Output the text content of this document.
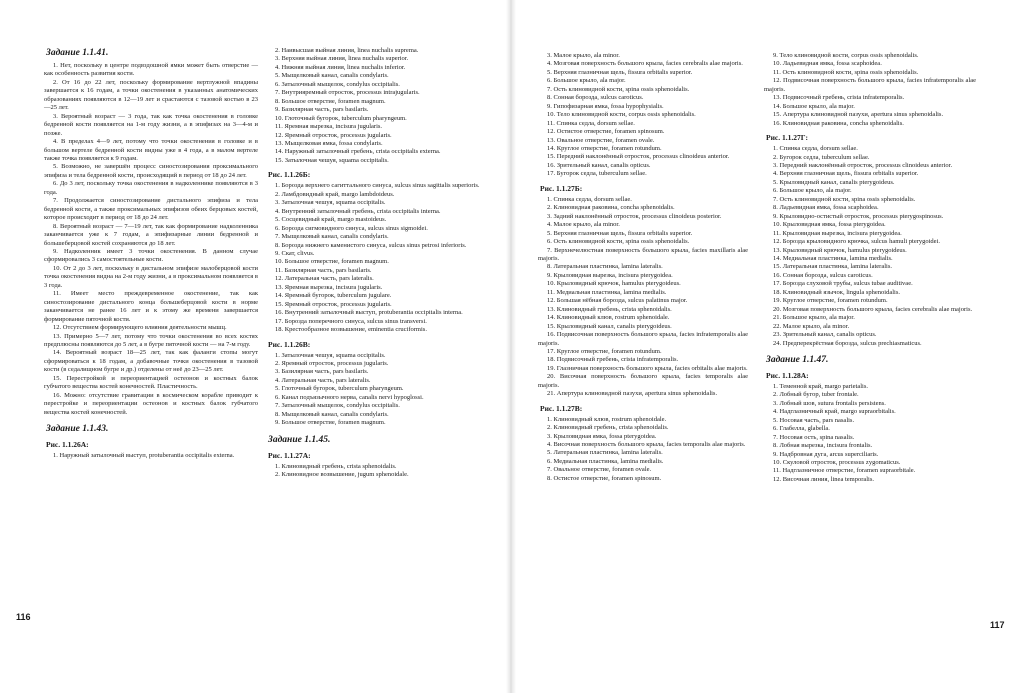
Задание 1.1.41.

1. Нет, поскольку в центре подвздошной ямки может быть отверстие — как особенность развития кости.

2. От 16 до 22 лет, поскольку формирование вертлужной впадины завершается к 16 годам, а точки окостенения в указанных анатомических образованиях появляются в 12—19 лет и срастаются с тазовой костью в 23—25 лет.

3. Вероятный возраст — 3 года, так как точка окостенения в головке бедренной кости появляется на 1-м году жизни, а в эпифизах на 3—4-м и позже.

4. В пределах 4—9 лет, потому что точки окостенения в головке и в большом вертеле бедренной кости видны уже в 4 года, а в малом вертеле также точка появляется к 9 годам.

5. Возможно, не завершён процесс синостозирования проксимального эпифиза и тела бедренной кости, происходящий в период от 18 до 24 лет.

6. До 3 лет, поскольку точка окостенения в надколеннике появляются в 3 года.

7. Продолжается синостозирование дистального эпифиза и тела бедренной кости, а также проксимальных эпифизов обеих берцовых костей, которое происходит в период от 18 до 24 лет.

8. Вероятный возраст — 7—19 лет, так как формирование надколенника заканчивается уже к 7 годам, а эпифизарные линии бедренной и большеберцовой костей сохраняются до 18 лет.

9. Надколенник имеет 3 точки окостенения. В данном случае сформировались 3 самостоятельные кости.

10. От 2 до 3 лет, поскольку в дистальном эпифизе малоберцовой кости точка окостенения видна на 2-м году жизни, а в проксимальном появляется в 3 года.

11. Имеет место преждевременное окостенение, так как синостозирование дистального конца большеберцовой кости в норме заканчивается не ранее 16 лет и к этому же времени завершается формирование пяточной кости.

12. Отсутствием формирующего влияния деятельности мышц.

13. Примерно 5—7 лет, потому что точки окостенения во всех костях предплюсны появляются до 5 лет, а в бугре пяточной кости — на 7-м году.

14. Вероятный возраст 18—25 лет, так как фаланги стопы могут сформироваться к 18 годам, а добавочные точки окостенения в тазовой кости (в седалищном бугре и др.) отделены от неё до 23—25 лет.

15. Перестройкой и переориентацией остеонов и костных балок губчатого вещества костей конечностей. Пластичность.

16. Можно: отсутствие гравитации в космическом корабле приводит к перестройке и переориентации остеонов и костных балок губчатого вещества костей конечностей.

Задание 1.1.43.

Рис. 1.1.26А:

1. Наружный затылочный выступ, protuberantia occipitalis externa.

2. Наивысшая выйная линия, linea nuchalis suprema.

3. Верхняя выйная линия, linea nuchalis superior.

4. Нижняя выйная линия, linea nuchalis inferior.

5. Мыщелковый канал, canalis condylaris.

6. Затылочный мыщелок, condylus occipitalis.

7. Внутрияремный отросток, processus intrajugularis.

8. Большое отверстие, foramen magnum.

9. Базилярная часть, pars basilaris.

10. Глоточный бугорок, tuberculum pharyngeum.

11. Яремная вырезка, incisura jugularis.

12. Яремный отросток, processus jugularis.

13. Мыщелковая ямка, fossa condylaris.

14. Наружный затылочный гребень, crista occipitalis externa.

15. Затылочная чешуя, squama occipitalis.

Рис. 1.1.26Б:

1. Борозда верхнего сагиттального синуса, sulcus sinus sagittalis superioris.

2. Ламбдовидный край, margo lambdoideus.

3. Затылочная чешуя, squama occipitalis.

4. Внутренний затылочный гребень, crista occipitalis interna.

5. Сосцевидный край, margo mastoideus.

6. Борозда сигмовидного синуса, sulcus sinus sigmoidei.

7. Мыщелковый канал, canalis condylaris.

8. Борозда нижнего каменистого синуса, sulcus sinus petrosi inferioris.

9. Скат, clivus.

10. Большое отверстие, foramen magnum.

11. Базилярная часть, pars basilaris.

12. Латеральная часть, pars lateralis.

13. Яремная вырезка, incisura jugularis.

14. Яремный бугорок, tuberculum jugulare.

15. Яремный отросток, processus jugularis.

16. Внутренний затылочный выступ, protuberantia occipitalis interna.

17. Борозда поперечного синуса, sulcus sinus transversi.

18. Крестообразное возвышение, eminentia cruciformis.

Рис. 1.1.26В:

1. Затылочная чешуя, squama occipitalis.

2. Яремный отросток, processus jugularis.

3. Базилярная часть, pars basilaris.

4. Латеральная часть, pars lateralis.

5. Глоточный бугорок, tuberculum pharyngeum.

6. Канал подъязычного нерва, canalis nervi hypoglossi.

7. Затылочный мыщелок, condylus occipitalis.

8. Мыщелковый канал, canalis condylaris.

9. Большое отверстие, foramen magnum.

Задание 1.1.45.

Рис. 1.1.27А:

1. Клиновидный гребень, crista sphenoidalis.

2. Клиновидное возвышение, jugum sphenoidale.

116

3. Малое крыло, ala minor.

4. Мозговая поверхность большого крыла, facies cerebralis alae majoris.

5. Верхняя глазничная щель, fissura orbitalis superior.

6. Большое крыло, ala major.

7. Ость клиновидной кости, spina ossis sphenoidalis.

8. Сонная борозда, sulcus caroticus.

9. Гипофизарная ямка, fossa hypophysialis.

10. Тело клиновидной кости, corpus ossis sphenoidalis.

11. Спинка седла, dorsum sellae.

12. Остистое отверстие, foramen spinosum.

13. Овальное отверстие, foramen ovale.

14. Круглое отверстие, foramen rotundum.

15. Передний наклонённый отросток, processus clinoideus anterior.

16. Зрительный канал, canalis opticus.

17. Бугорок седла, tuberculum sellae.

Рис. 1.1.27Б:

1. Спинка седла, dorsum sellae.

2. Клиновидная раковина, concha sphenoidalis.

3. Задний наклонённый отросток, processus clinoideus posterior.

4. Малое крыло, ala minor.

5. Верхняя глазничная щель, fissura orbitalis superior.

6. Ость клиновидной кости, spina ossis sphenoidalis.

7. Верхнечелюстная поверхность большого крыла, facies maxillaris alae majoris.

8. Латеральная пластинка, lamina lateralis.

9. Крыловидная вырезка, incisura pterygoidea.

10. Крыловидный крючок, hamulus pterygoideus.

11. Медиальная пластинка, lamina medialis.

12. Большая нёбная борозда, sulcus palatinus major.

13. Клиновидный гребень, crista sphenoidalis.

14. Клиновидный клюв, rostrum sphenoidale.

15. Крыловидный канал, canalis pterygoideus.

16. Подвисочная поверхность большого крыла, facies infratemporalis alae majoris.

17. Круглое отверстие, foramen rotundum.

18. Подвисочный гребень, crista infratemporalis.

19. Глазничная поверхность большого крыла, facies orbitalis alae majoris.

20. Височная поверхность большого крыла, facies temporalis alae majoris.

21. Апертура клиновидной пазухи, apertura sinus sphenoidalis.

Рис. 1.1.27В:

1. Клиновидный клюв, rostrum sphenoidale.

2. Клиновидный гребень, crista sphenoidalis.

3. Крыловидная ямка, fossa pterygoidea.

4. Височная поверхность большого крыла, facies temporalis alae majoris.

5. Латеральная пластинка, lamina lateralis.

6. Медиальная пластинка, lamina medialis.

7. Овальное отверстие, foramen ovale.

8. Остистое отверстие, foramen spinosum.

9. Тело клиновидной кости, corpus ossis sphenoidalis.

10. Ладьевидная ямка, fossa scaphoidea.

11. Ость клиновидной кости, spina ossis sphenoidalis.

12. Подвисочная поверхность большого крыла, facies infratemporalis alae majoris.

13. Подвисочный гребень, crista infratemporalis.

14. Большое крыло, ala major.

15. Апертура клиновидной пазухи, apertura sinus sphenoidalis.

16. Клиновидная раковина, concha sphenoidalis.

Рис. 1.1.27Г:

1. Спинка седла, dorsum sellae.

2. Бугорок седла, tuberculum sellae.

3. Передний наклонённый отросток, processus clinoideus anterior.

4. Верхняя глазничная щель, fissura orbitalis superior.

5. Крыловидный канал, canalis pterygoideus.

6. Большое крыло, ala major.

7. Ость клиновидной кости, spina ossis sphenoidalis.

8. Ладьевидная ямка, fossa scaphoidea.

9. Крыловидно-остистый отросток, processus pterygospinosus.

10. Крыловидная ямка, fossa pterygoidea.

11. Крыловидная вырезка, incisura pterygoidea.

12. Борозда крыловидного крючка, sulcus hamuli pterygoidei.

13. Крыловидный крючок, hamulus pterygoideus.

14. Медиальная пластинка, lamina medialis.

15. Латеральная пластинка, lamina lateralis.

16. Сонная борозда, sulcus caroticus.

17. Борозда слуховой трубы, sulcus tubae auditivae.

18. Клиновидный язычок, lingula sphenoidalis.

19. Круглое отверстие, foramen rotundum.

20. Мозговая поверхность большого крыла, facies cerebralis alae majoris.

21. Большое крыло, ala major.

22. Малое крыло, ala minor.

23. Зрительный канал, canalis opticus.

24. Предперекрёстная борозда, sulcus prechiasmaticus.

Задание 1.1.47.

Рис. 1.1.28А:

1. Теменной край, margo parietalis.

2. Лобный бугор, tuber frontale.

3. Лобный шов, sutura frontalis persistens.

4. Надглазничный край, margo supraorbitalis.

5. Носовая часть, pars nasalis.

6. Глабелла, glabella.

7. Носовая ость, spina nasalis.

8. Лобная вырезка, incisura frontalis.

9. Надбровная дуга, arcus superciliaris.

10. Скуловой отросток, processus zygomaticus.

11. Надглазничное отверстие, foramen supraorbitale.

12. Височная линия, linea temporalis.

117
